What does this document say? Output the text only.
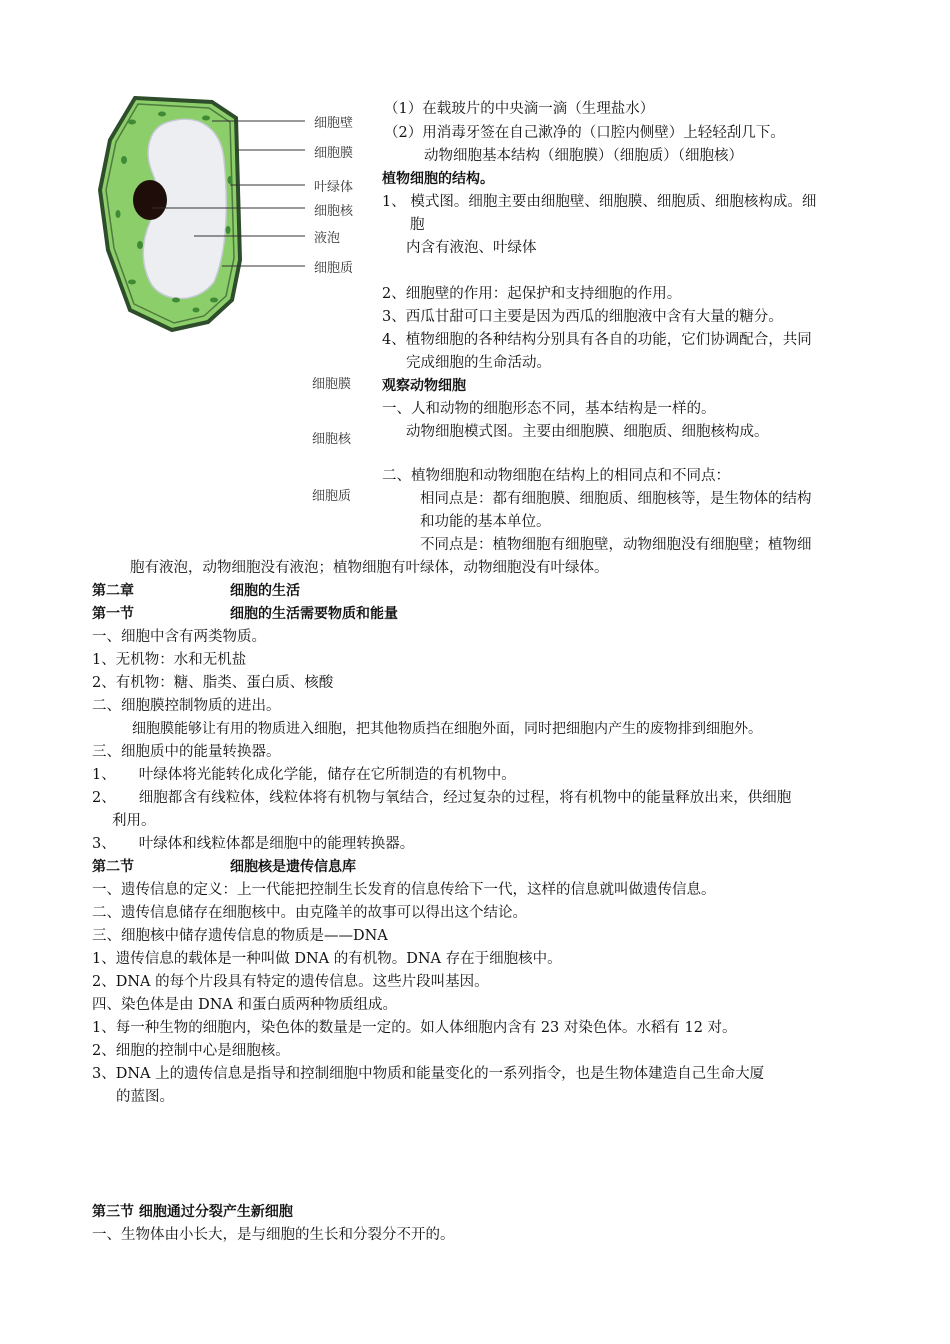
细胞壁
细胞膜
叶绿体
细胞核
液泡
细胞质
细胞膜
细胞核
细胞质
（1）在载玻片的中央滴一滴（生理盐水）
（2）用消毒牙签在自己漱净的（口腔内侧壁）上轻轻刮几下。
动物细胞基本结构（细胞膜）（细胞质）（细胞核）
植物细胞的结构。
1、 模式图。细胞主要由细胞壁、细胞膜、细胞质、细胞核构成。细
胞
内含有液泡、叶绿体
2、细胞壁的作用：起保护和支持细胞的作用。
3、西瓜甘甜可口主要是因为西瓜的细胞液中含有大量的糖分。
4、植物细胞的各种结构分别具有各自的功能，它们协调配合，共同
完成细胞的生命活动。
观察动物细胞
一、人和动物的细胞形态不同，基本结构是一样的。
动物细胞模式图。主要由细胞膜、细胞质、细胞核构成。
二、植物细胞和动物细胞在结构上的相同点和不同点：
相同点是：都有细胞膜、细胞质、细胞核等，是生物体的结构
和功能的基本单位。
不同点是：植物细胞有细胞壁，动物细胞没有细胞壁；植物细
胞有液泡，动物细胞没有液泡；植物细胞有叶绿体，动物细胞没有叶绿体。
第二章	细胞的生活
第一节	细胞的生活需要物质和能量
一、细胞中含有两类物质。
1、无机物：水和无机盐
2、有机物：糖、脂类、蛋白质、核酸
二、细胞膜控制物质的进出。
细胞膜能够让有用的物质进入细胞，把其他物质挡在细胞外面，同时把细胞内产生的废物排到细胞外。
三、细胞质中的能量转换器。
1、     叶绿体将光能转化成化学能，储存在它所制造的有机物中。
2、     细胞都含有线粒体，线粒体将有机物与氧结合，经过复杂的过程，将有机物中的能量释放出来，供细胞
利用。
3、     叶绿体和线粒体都是细胞中的能理转换器。
第二节	细胞核是遗传信息库
一、遗传信息的定义：上一代能把控制生长发育的信息传给下一代，这样的信息就叫做遗传信息。
二、遗传信息储存在细胞核中。由克隆羊的故事可以得出这个结论。
三、细胞核中储存遗传信息的物质是——DNA
1、遗传信息的载体是一种叫做 DNA 的有机物。DNA 存在于细胞核中。
2、DNA 的每个片段具有特定的遗传信息。这些片段叫基因。
四、染色体是由 DNA 和蛋白质两种物质组成。
1、每一种生物的细胞内，染色体的数量是一定的。如人体细胞内含有 23 对染色体。水稻有 12 对。
2、细胞的控制中心是细胞核。
3、DNA 上的遗传信息是指导和控制细胞中物质和能量变化的一系列指令，也是生物体建造自己生命大厦
的蓝图。
第三节 细胞通过分裂产生新细胞
一、生物体由小长大，是与细胞的生长和分裂分不开的。
